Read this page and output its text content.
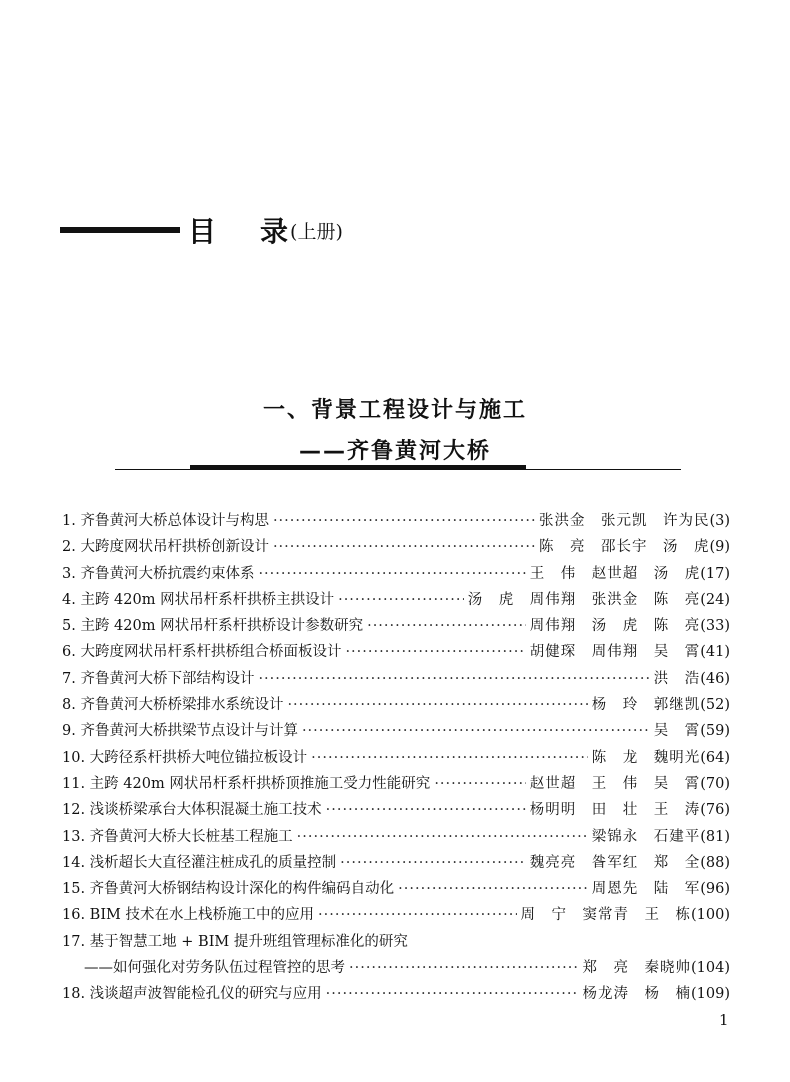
目 录 (上册)
一、背景工程设计与施工
——齐鲁黄河大桥
1. 齐鲁黄河大桥总体设计与构思 ·····	张洪金　张元凯　许为民 (3)
2. 大跨度网状吊杆拱桥创新设计 ·····	陈　亮　邵长宇　汤　虎 (9)
3. 齐鲁黄河大桥抗震约束体系 ·····	王　伟　赵世超　汤　虎 (17)
4. 主跨 420m 网状吊杆系杆拱桥主拱设计 ·····	汤　虎　周伟翔　张洪金　陈　亮 (24)
5. 主跨 420m 网状吊杆系杆拱桥设计参数研究 ·····	周伟翔　汤　虎　陈　亮 (33)
6. 大跨度网状吊杆系杆拱桥组合桥面板设计 ·····	胡健琛　周伟翔　吴　霄 (41)
7. 齐鲁黄河大桥下部结构设计 ·····	洪　浩 (46)
8. 齐鲁黄河大桥桥梁排水系统设计 ·····	杨　玲　郭继凯 (52)
9. 齐鲁黄河大桥拱梁节点设计与计算 ·····	吴　霄 (59)
10. 大跨径系杆拱桥大吨位锚拉板设计 ·····	陈　龙　魏明光 (64)
11. 主跨 420m 网状吊杆系杆拱桥顶推施工受力性能研究 ·····	赵世超　王　伟　吴　霄 (70)
12. 浅谈桥梁承台大体积混凝土施工技术 ·····	杨明明　田　壮　王　涛 (76)
13. 齐鲁黄河大桥大长桩基工程施工 ·····	梁锦永　石建平 (81)
14. 浅析超长大直径灌注桩成孔的质量控制 ·····	魏亮亮　昝军红　郑　全 (88)
15. 齐鲁黄河大桥钢结构设计深化的构件编码自动化 ·····	周恩先　陆　军 (96)
16. BIM 技术在水上栈桥施工中的应用 ·····	周　宁　窦常青　王　栋 (100)
17. 基于智慧工地 + BIM 提升班组管理标准化的研究
——如何强化对劳务队伍过程管控的思考 ·····	郑　亮　秦晓帅 (104)
18. 浅谈超声波智能检孔仪的研究与应用 ·····	杨龙涛　杨　楠 (109)
1
